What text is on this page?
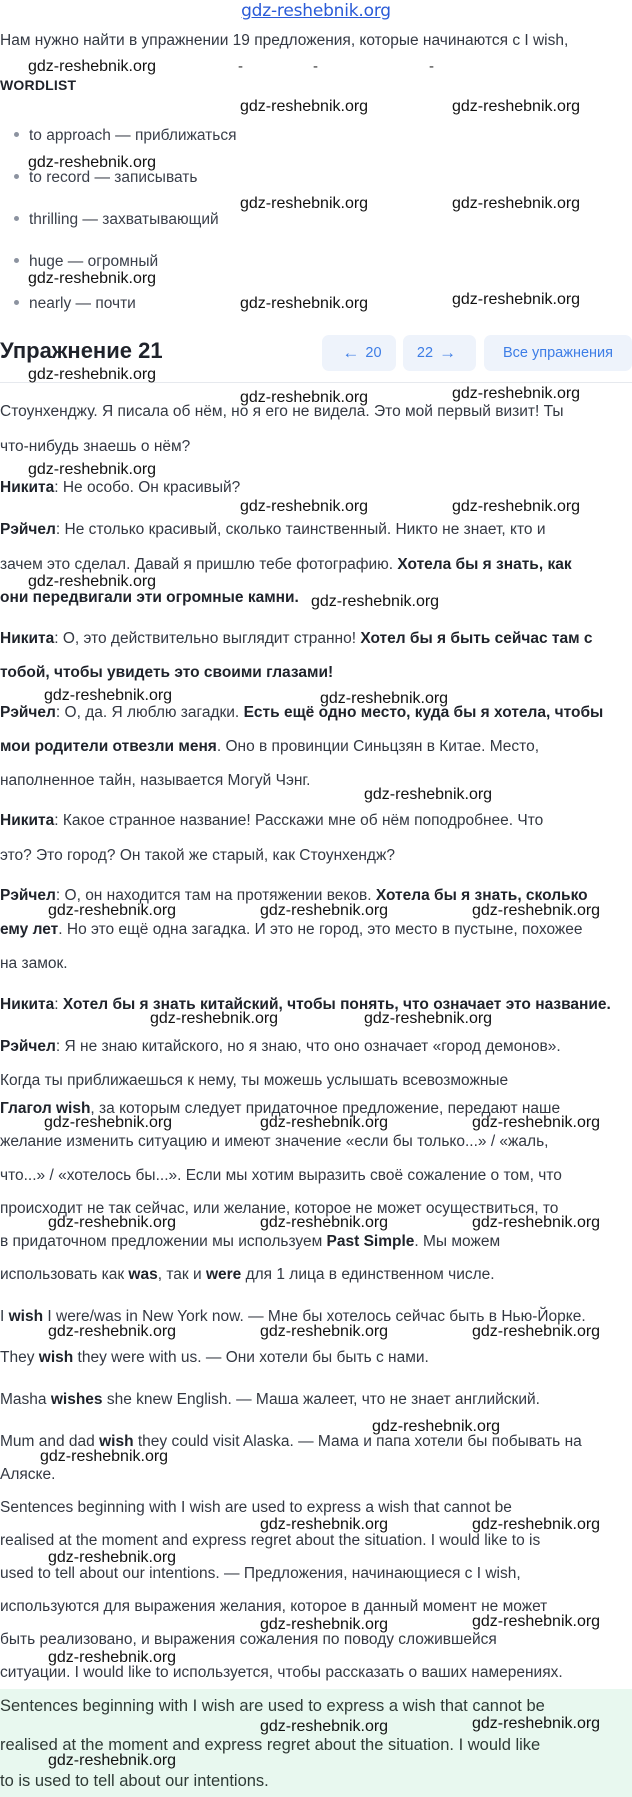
gdz-reshebnik.org
Нам нужно найти в упражнении 19 предложения, которые начинаются с I wish,
WORDLIST
to approach — приближаться
to record — записывать
thrilling — захватывающий
huge — огромный
nearly — почти
Упражнение 21	← 20 22 →	Все упражнения
Стоунхенджу. Я писала об нём, но я его не видела. Это мой первый визит! Ты
что-нибудь знаешь о нём?
Никита: Не особо. Он красивый?
Рэйчел: Не столько красивый, сколько таинственный. Никто не знает, кто и
зачем это сделал. Давай я пришлю тебе фотографию. Хотела бы я знать, как
они передвигали эти огромные камни.
Никита: О, это действительно выглядит странно! Хотел бы я быть сейчас там с
тобой, чтобы увидеть это своими глазами!
Рэйчел: О, да. Я люблю загадки. Есть ещё одно место, куда бы я хотела, чтобы
мои родители отвезли меня. Оно в провинции Синьцзян в Китае. Место,
наполненное тайн, называется Могуй Чэнг.
Никита: Какое странное название! Расскажи мне об нём поподробнее. Что
это? Это город? Он такой же старый, как Стоунхендж?
Рэйчел: О, он находится там на протяжении веков. Хотела бы я знать, сколько
ему лет. Но это ещё одна загадка. И это не город, это место в пустыне, похожее
на замок.
Никита: Хотел бы я знать китайский, чтобы понять, что означает это название.
Рэйчел: Я не знаю китайского, но я знаю, что оно означает «город демонов».
Когда ты приближаешься к нему, ты можешь услышать всевозможные
Глагол wish, за которым следует придаточное предложение, передают наше
желание изменить ситуацию и имеют значение «если бы только...» / «жаль,
что...» / «хотелось бы...». Если мы хотим выразить своё сожаление о том, что
происходит не так сейчас, или желание, которое не может осуществиться, то
в придаточном предложении мы используем Past Simple. Мы можем
использовать как was, так и were для 1 лица в единственном числе.
I wish I were/was in New York now. — Мне бы хотелось сейчас быть в Нью-Йорке.
They wish they were with us. — Они хотели бы быть с нами.
Masha wishes she knew English. — Маша жалеет, что не знает английский.
Mum and dad wish they could visit Alaska. — Мама и папа хотели бы побывать на
Аляске.
Sentences beginning with I wish are used to express a wish that cannot be
realised at the moment and express regret about the situation. I would like to is
used to tell about our intentions. — Предложения, начинающиеся с I wish,
используются для выражения желания, которое в данный момент не может
быть реализовано, и выражения сожаления по поводу сложившейся
ситуации. I would like to используется, чтобы рассказать о ваших намерениях.
Sentences beginning with I wish are used to express a wish that cannot be
realised at the moment and express regret about the situation. I would like
to is used to tell about our intentions.
-	-	-
gdz-reshebnik.org
gdz-reshebnik.org	gdz-reshebnik.org
gdz-reshebnik.org
gdz-reshebnik.org	gdz-reshebnik.org
gdz-reshebnik.org
gdz-reshebnik.org	gdz-reshebnik.org
gdz-reshebnik.org
gdz-reshebnik.org	gdz-reshebnik.org
gdz-reshebnik.org
gdz-reshebnik.org	gdz-reshebnik.org
gdz-reshebnik.org
gdz-reshebnik.org
gdz-reshebnik.org	gdz-reshebnik.org
gdz-reshebnik.org
gdz-reshebnik.org	gdz-reshebnik.org	gdz-reshebnik.org
gdz-reshebnik.org	gdz-reshebnik.org
gdz-reshebnik.org	gdz-reshebnik.org	gdz-reshebnik.org
gdz-reshebnik.org	gdz-reshebnik.org	gdz-reshebnik.org
gdz-reshebnik.org	gdz-reshebnik.org	gdz-reshebnik.org
gdz-reshebnik.org
gdz-reshebnik.org
gdz-reshebnik.org	gdz-reshebnik.org
gdz-reshebnik.org
gdz-reshebnik.org	gdz-reshebnik.org
gdz-reshebnik.org
gdz-reshebnik.org	gdz-reshebnik.org
gdz-reshebnik.org
